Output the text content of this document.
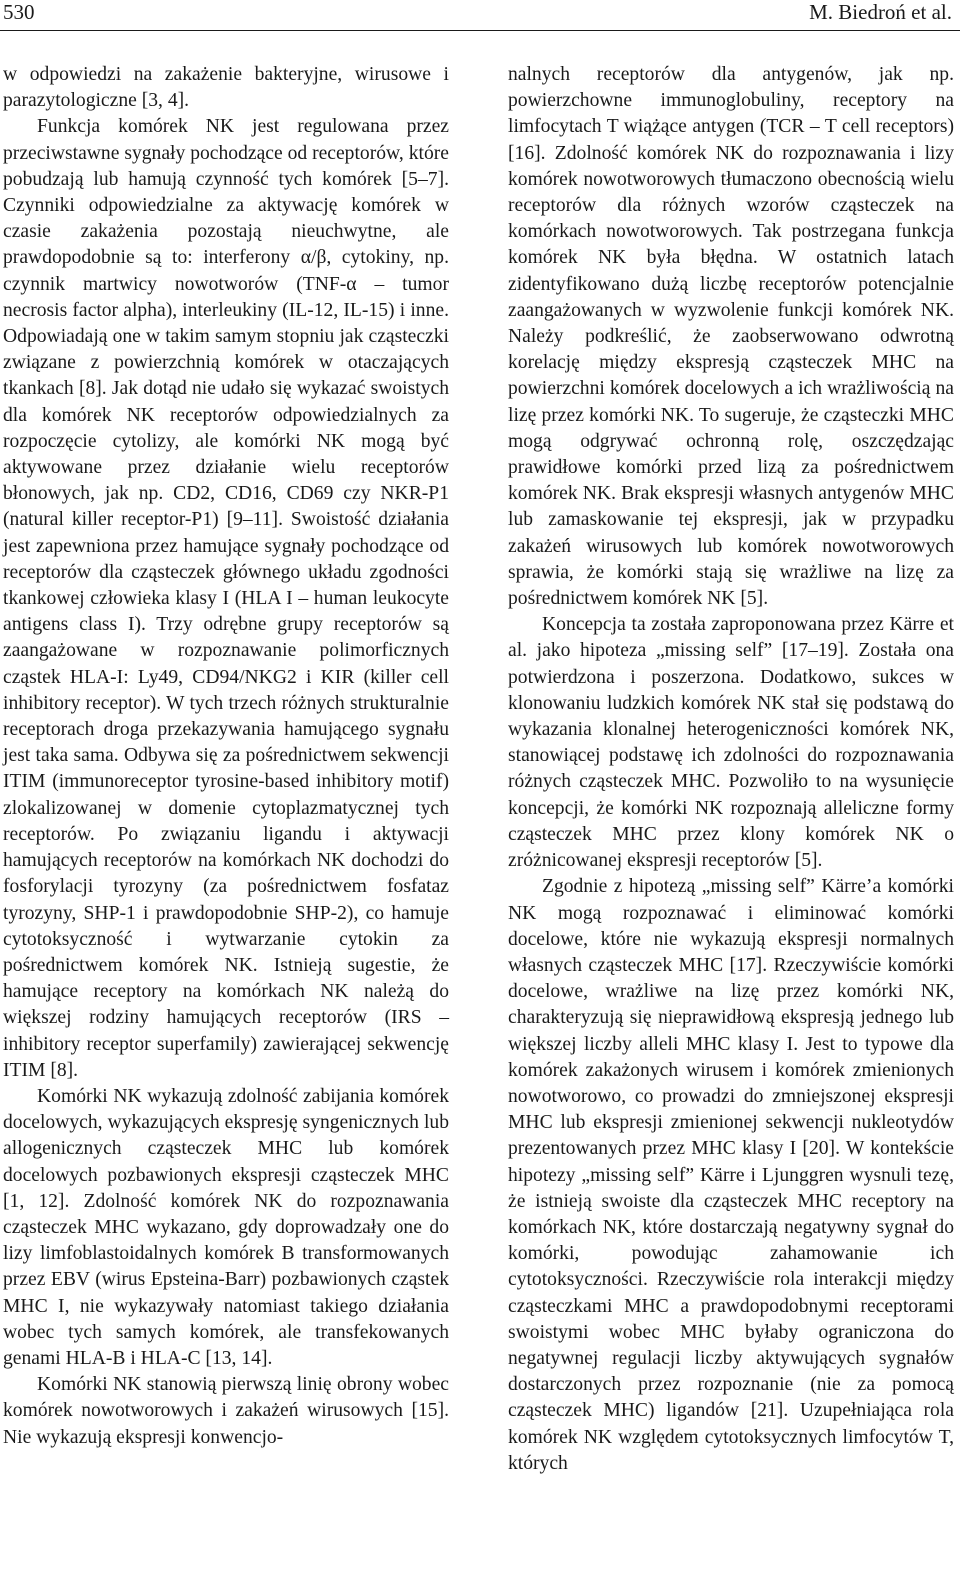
530	M. Biedroń et al.

w odpowiedzi na zakażenie bakteryjne, wirusowe i parazytologiczne [3, 4].

Funkcja komórek NK jest regulowana przez przeciwstawne sygnały pochodzące od receptorów, które pobudzają lub hamują czynność tych komórek [5–7]. Czynniki odpowiedzialne za aktywację komórek w czasie zakażenia pozostają nieuchwytne, ale prawdopodobnie są to: interferony α/β, cytokiny, np. czynnik martwicy nowotworów (TNF-α – tumor necrosis factor alpha), interleukiny (IL-12, IL-15) i inne. Odpowiadają one w takim samym stopniu jak cząsteczki związane z powierzchnią komórek w otaczających tkankach [8]. Jak dotąd nie udało się wykazać swoistych dla komórek NK receptorów odpowiedzialnych za rozpoczęcie cytolizy, ale komórki NK mogą być aktywowane przez działanie wielu receptorów błonowych, jak np. CD2, CD16, CD69 czy NKR-P1 (natural killer receptor-P1) [9–11]. Swoistość działania jest zapewniona przez hamujące sygnały pochodzące od receptorów dla cząsteczek głównego układu zgodności tkankowej człowieka klasy I (HLA I – human leukocyte antigens class I). Trzy odrębne grupy receptorów są zaangażowane w rozpoznawanie polimorficznych cząstek HLA-I: Ly49, CD94/NKG2 i KIR (killer cell inhibitory receptor). W tych trzech różnych strukturalnie receptorach droga przekazywania hamującego sygnału jest taka sama. Odbywa się za pośrednictwem sekwencji ITIM (immunoreceptor tyrosine-based inhibitory motif) zlokalizowanej w domenie cytoplazmatycznej tych receptorów. Po związaniu ligandu i aktywacji hamujących receptorów na komórkach NK dochodzi do fosforylacji tyrozyny (za pośrednictwem fosfataz tyrozyny, SHP-1 i prawdopodobnie SHP-2), co hamuje cytotoksyczność i wytwarzanie cytokin za pośrednictwem komórek NK. Istnieją sugestie, że hamujące receptory na komórkach NK należą do większej rodziny hamujących receptorów (IRS – inhibitory receptor superfamily) zawierającej sekwencję ITIM [8].

Komórki NK wykazują zdolność zabijania komórek docelowych, wykazujących ekspresję syngenicznych lub allogenicznych cząsteczek MHC lub komórek docelowych pozbawionych ekspresji cząsteczek MHC [1, 12]. Zdolność komórek NK do rozpoznawania cząsteczek MHC wykazano, gdy doprowadzały one do lizy limfoblastoidalnych komórek B transformowanych przez EBV (wirus Epsteina-Barr) pozbawionych cząstek MHC I, nie wykazywały natomiast takiego działania wobec tych samych komórek, ale transfekowanych genami HLA-B i HLA-C [13, 14].

Komórki NK stanowią pierwszą linię obrony wobec komórek nowotworowych i zakażeń wirusowych [15]. Nie wykazują ekspresji konwencjo-

nalnych receptorów dla antygenów, jak np. powierzchowne immunoglobuliny, receptory na limfocytach T wiążące antygen (TCR – T cell receptors) [16]. Zdolność komórek NK do rozpoznawania i lizy komórek nowotworowych tłumaczono obecnością wielu receptorów dla różnych wzorów cząsteczek na komórkach nowotworowych. Tak postrzegana funkcja komórek NK była błędna. W ostatnich latach zidentyfikowano dużą liczbę receptorów potencjalnie zaangażowanych w wyzwolenie funkcji komórek NK. Należy podkreślić, że zaobserwowano odwrotną korelację między ekspresją cząsteczek MHC na powierzchni komórek docelowych a ich wrażliwością na lizę przez komórki NK. To sugeruje, że cząsteczki MHC mogą odgrywać ochronną rolę, oszczędzając prawidłowe komórki przed lizą za pośrednictwem komórek NK. Brak ekspresji własnych antygenów MHC lub zamaskowanie tej ekspresji, jak w przypadku zakażeń wirusowych lub komórek nowotworowych sprawia, że komórki stają się wrażliwe na lizę za pośrednictwem komórek NK [5].

Koncepcja ta została zaproponowana przez Kärre et al. jako hipoteza „missing self” [17–19]. Została ona potwierdzona i poszerzona. Dodatkowo, sukces w klonowaniu ludzkich komórek NK stał się podstawą do wykazania klonalnej heterogeniczności komórek NK, stanowiącej podstawę ich zdolności do rozpoznawania różnych cząsteczek MHC. Pozwoliło to na wysunięcie koncepcji, że komórki NK rozpoznają alleliczne formy cząsteczek MHC przez klony komórek NK o zróżnicowanej ekspresji receptorów [5].

Zgodnie z hipotezą „missing self” Kärre’a komórki NK mogą rozpoznawać i eliminować komórki docelowe, które nie wykazują ekspresji normalnych własnych cząsteczek MHC [17]. Rzeczywiście komórki docelowe, wrażliwe na lizę przez komórki NK, charakteryzują się nieprawidłową ekspresją jednego lub większej liczby alleli MHC klasy I. Jest to typowe dla komórek zakażonych wirusem i komórek zmienionych nowotworowo, co prowadzi do zmniejszonej ekspresji MHC lub ekspresji zmienionej sekwencji nukleotydów prezentowanych przez MHC klasy I [20]. W kontekście hipotezy „missing self” Kärre i Ljunggren wysnuli tezę, że istnieją swoiste dla cząsteczek MHC receptory na komórkach NK, które dostarczają negatywny sygnał do komórki, powodując zahamowanie ich cytotoksyczności. Rzeczywiście rola interakcji między cząsteczkami MHC a prawdopodobnymi receptorami swoistymi wobec MHC byłaby ograniczona do negatywnej regulacji liczby aktywujących sygnałów dostarczonych przez rozpoznanie (nie za pomocą cząsteczek MHC) ligandów [21]. Uzupełniająca rola komórek NK względem cytotoksycznych limfocytów T, których
